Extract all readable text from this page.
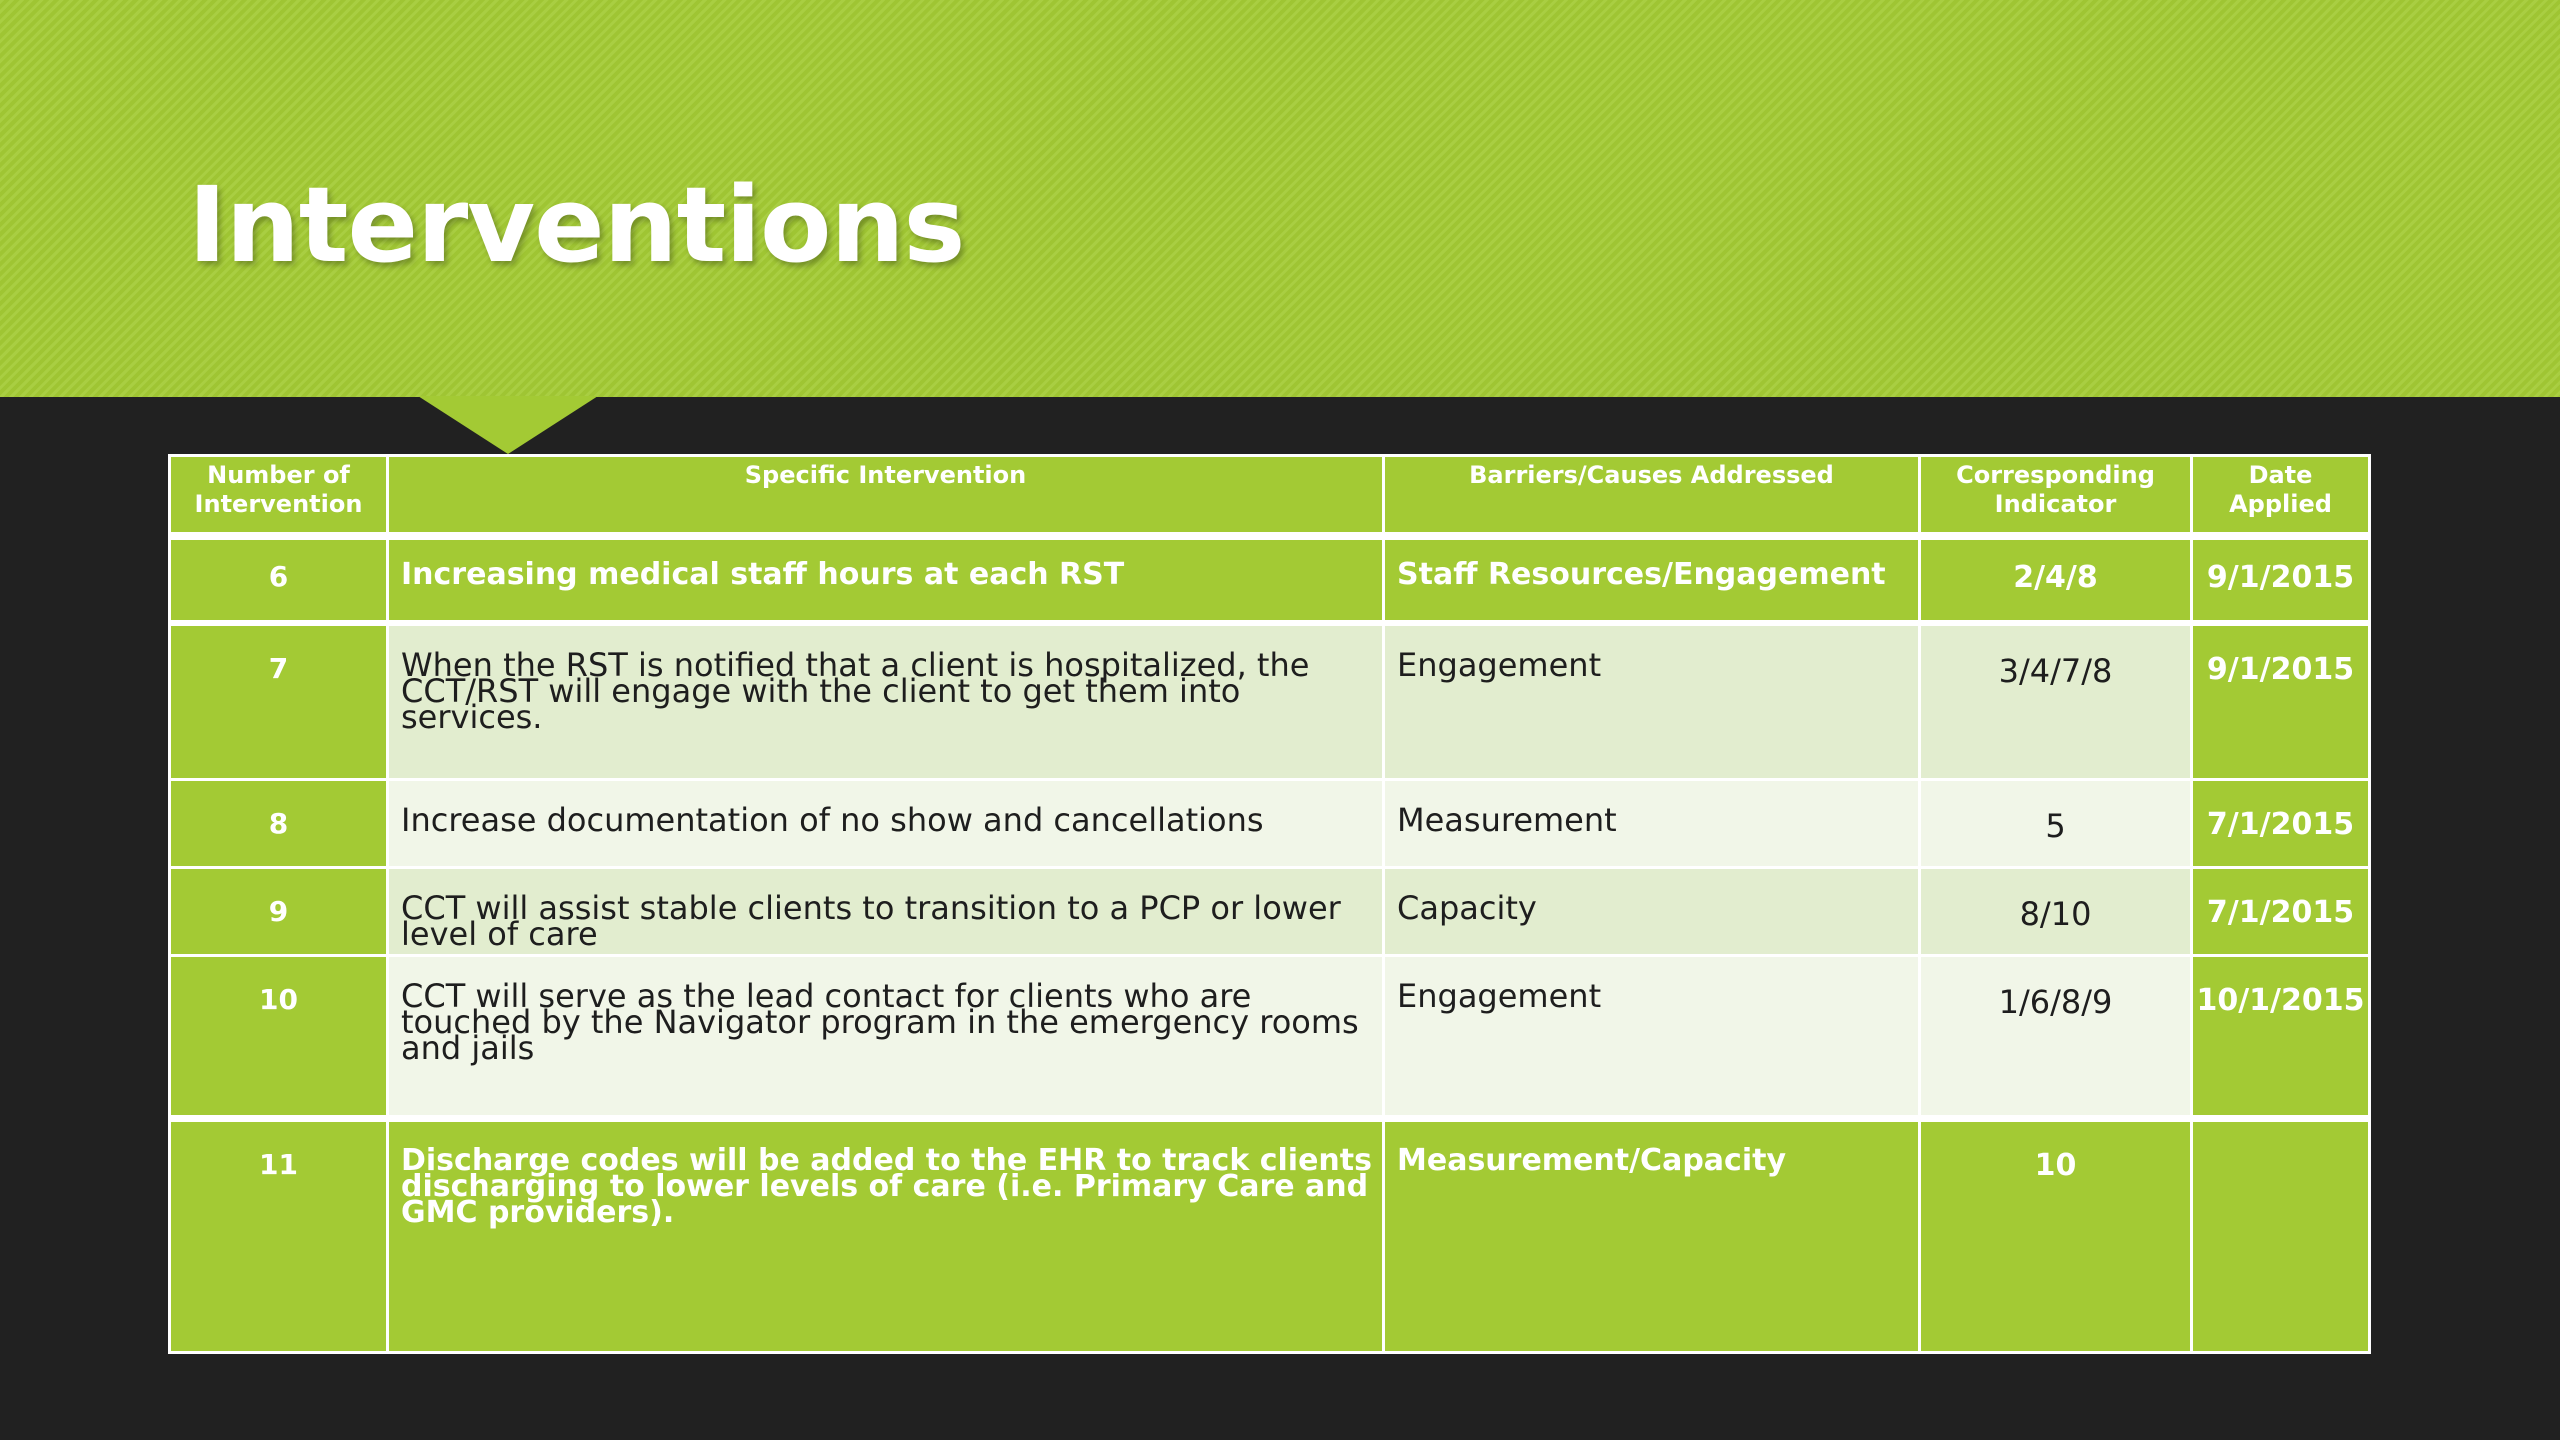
Interventions
Number of Intervention	Specific Intervention	Barriers/Causes Addressed	Corresponding Indicator	Date Applied
6	Increasing medical staff hours at each RST	Staff Resources/Engagement	2/4/8	9/1/2015
7	When the RST is notified that a client is hospitalized, the CCT/RST will engage with the client to get them into services.	Engagement	3/4/7/8	9/1/2015
8	Increase documentation of no show and cancellations	Measurement	5	7/1/2015
9	CCT will assist stable clients to transition to a PCP or lower level of care	Capacity	8/10	7/1/2015
10	CCT will serve as the lead contact for clients who are touched by the Navigator program in the emergency rooms and jails	Engagement	1/6/8/9	10/1/2015
11	Discharge codes will be added to the EHR to track clients discharging to lower levels of care (i.e. Primary Care and GMC providers).	Measurement/Capacity	10	
